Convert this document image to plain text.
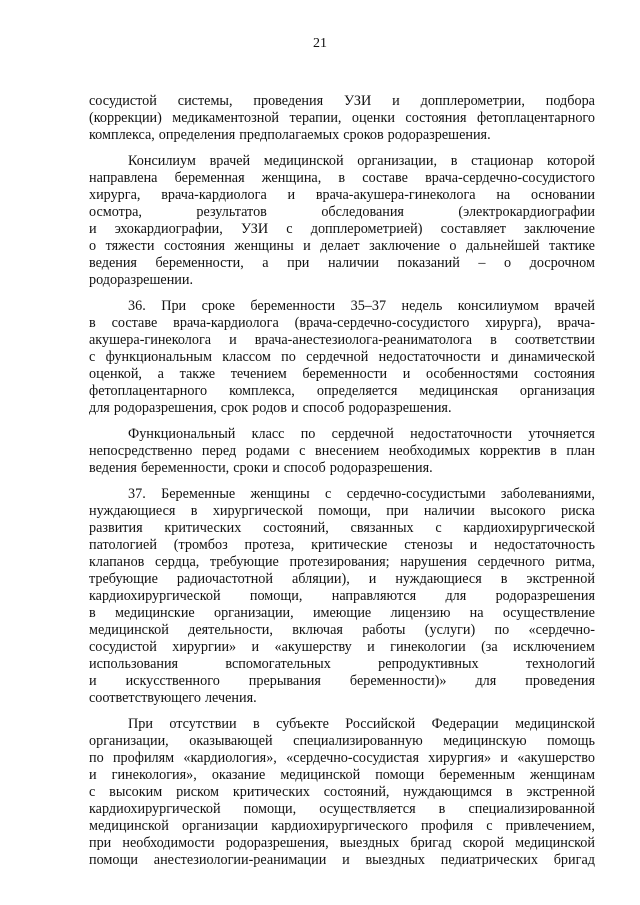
21
сосудистой системы, проведения УЗИ и допплерометрии, подбора
(коррекции) медикаментозной терапии, оценки состояния фетоплацентарного
комплекса, определения предполагаемых сроков родоразрешения.
Консилиум врачей медицинской организации, в стационар которой
направлена беременная женщина, в составе врача-сердечно-сосудистого
хирурга, врача-кардиолога и врача-акушера-гинеколога на основании
осмотра,	результатов	обследования	(электрокардиографии
и эхокардиографии, УЗИ с допплерометрией) составляет заключение
о тяжести состояния женщины и делает заключение о дальнейшей тактике
ведения беременности, а при наличии показаний – о досрочном
родоразрешении.
36. При сроке беременности 35–37 недель консилиумом врачей
в составе врача-кардиолога (врача-сердечно-сосудистого хирурга), врача-
акушера-гинеколога и врача-анестезиолога-реаниматолога в соответствии
с функциональным классом по сердечной недостаточности и динамической
оценкой, а также течением беременности и особенностями состояния
фетоплацентарного комплекса, определяется медицинская организация
для родоразрешения, срок родов и способ родоразрешения.
Функциональный класс по сердечной недостаточности уточняется
непосредственно перед родами с внесением необходимых корректив в план
ведения беременности, сроки и способ родоразрешения.
37. Беременные женщины с сердечно-сосудистыми заболеваниями,
нуждающиеся в хирургической помощи, при наличии высокого риска
развития критических состояний, связанных с кардиохирургической
патологией (тромбоз протеза, критические стенозы и недостаточность
клапанов сердца, требующие протезирования; нарушения сердечного ритма,
требующие радиочастотной абляции), и нуждающиеся в экстренной
кардиохирургической помощи, направляются для родоразрешения
в медицинские организации, имеющие лицензию на осуществление
медицинской деятельности, включая работы (услуги) по «сердечно-
сосудистой хирургии» и «акушерству и гинекологии (за исключением
использования	вспомогательных	репродуктивных	технологий
и искусственного прерывания беременности)» для проведения
соответствующего лечения.
При отсутствии в субъекте Российской Федерации медицинской
организации, оказывающей специализированную медицинскую помощь
по профилям «кардиология», «сердечно-сосудистая хирургия» и «акушерство
и гинекология», оказание медицинской помощи беременным женщинам
с высоким риском критических состояний, нуждающимся в экстренной
кардиохирургической помощи, осуществляется в специализированной
медицинской организации кардиохирургического профиля с привлечением,
при необходимости родоразрешения, выездных бригад скорой медицинской
помощи анестезиологии-реанимации и выездных педиатрических бригад
